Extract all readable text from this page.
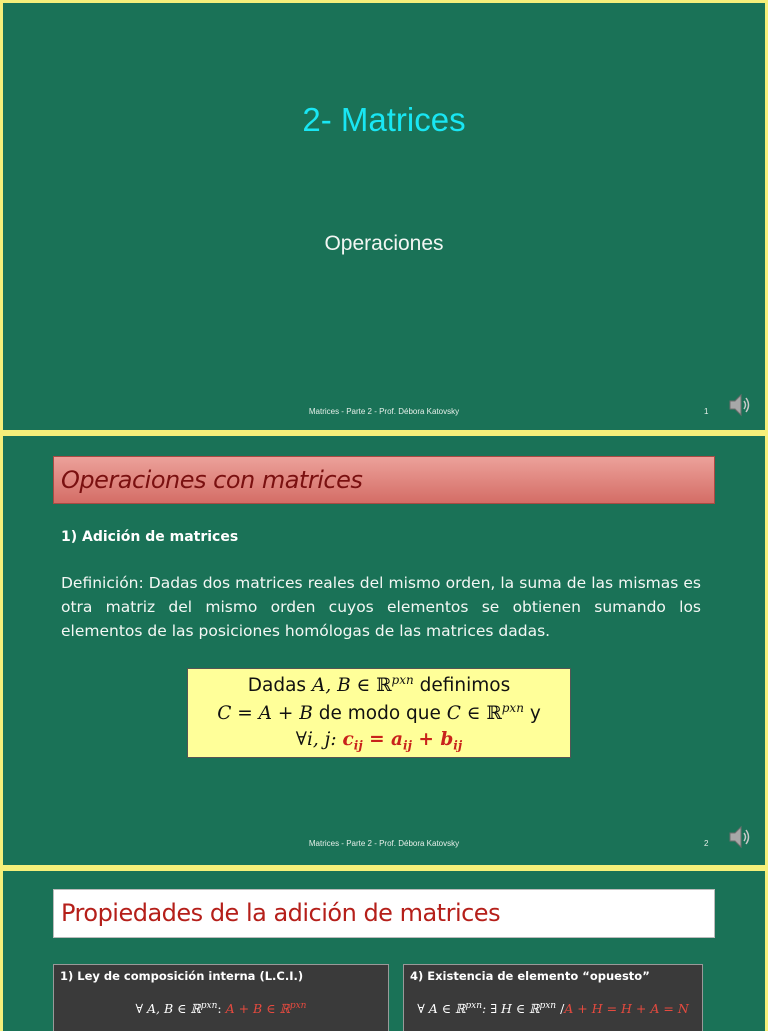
2- Matrices
Operaciones
Matrices - Parte 2 - Prof. Débora Katovsky	1
Operaciones con matrices
1) Adición de matrices
Definición: Dadas dos matrices reales del mismo orden, la suma de las mismas es otra matriz del mismo orden cuyos elementos se obtienen sumando los elementos de las posiciones homólogas de las matrices dadas.
Dadas A, B ∈ ℝ$^{pxn}$ definimos
C = A + B de modo que C ∈ ℝ$^{pxn}$ y
∀i, j: $c_{ij} = a_{ij} + b_{ij}$
Matrices - Parte 2 - Prof. Débora Katovsky	2
Propiedades de la adición de matrices
1) Ley de composición interna (L.C.I.)
∀ A, B ∈ ℝ$^{pxn}$: A + B ∈ ℝ$^{pxn}$
4) Existencia de elemento “opuesto”
∀ A ∈ ℝ$^{pxn}$: ∃ H ∈ ℝ$^{pxn}$ /A + H = H + A = N
